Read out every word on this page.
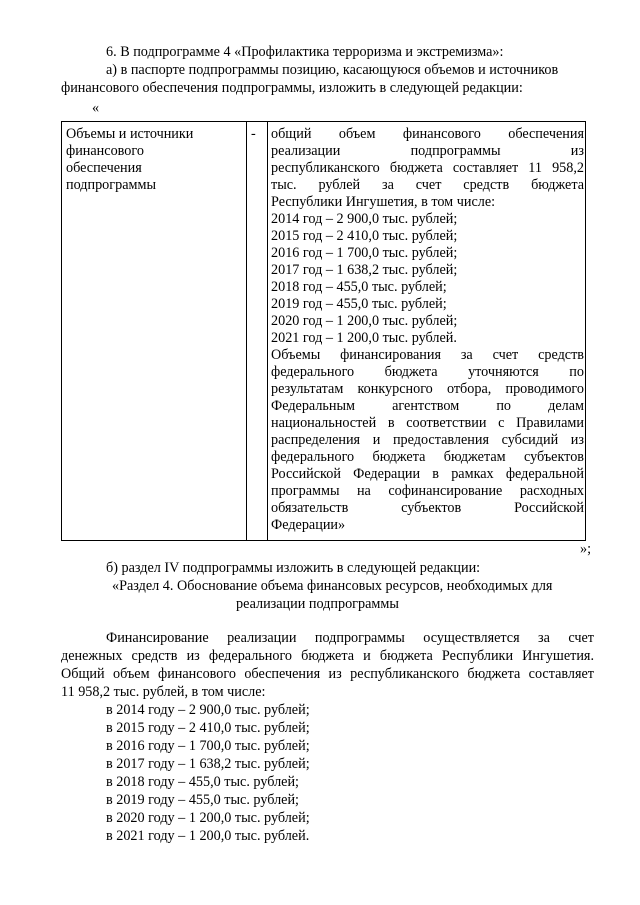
6. В подпрограмме 4 «Профилактика терроризма и экстремизма»:
а) в паспорте подпрограммы позицию, касающуюся объемов и источников
финансового обеспечения подпрограммы, изложить в следующей редакции:
«
Объемы и источники
финансового
обеспечения
подпрограммы
- общий объем финансового обеспечения
реализации подпрограммы из
республиканского бюджета составляет 11 958,2
тыс. рублей за счет средств бюджета
Республики Ингушетия, в том числе:
2014 год – 2 900,0 тыс. рублей;
2015 год – 2 410,0 тыс. рублей;
2016 год – 1 700,0 тыс. рублей;
2017 год – 1 638,2 тыс. рублей;
2018 год – 455,0 тыс. рублей;
2019 год – 455,0 тыс. рублей;
2020 год – 1 200,0 тыс. рублей;
2021 год – 1 200,0 тыс. рублей.
Объемы финансирования за счет средств
федерального бюджета уточняются по
результатам конкурсного отбора, проводимого
Федеральным агентством по делам
национальностей в соответствии с Правилами
распределения и предоставления субсидий из
федерального бюджета бюджетам субъектов
Российской Федерации в рамках федеральной
программы на софинансирование расходных
обязательств субъектов Российской
Федерации»
»;
б) раздел IV подпрограммы изложить в следующей редакции:
«Раздел 4. Обоснование объема финансовых ресурсов, необходимых для
реализации подпрограммы
Финансирование реализации подпрограммы осуществляется за счет
денежных средств из федерального бюджета и бюджета Республики Ингушетия.
Общий объем финансового обеспечения из республиканского бюджета составляет
11 958,2 тыс. рублей, в том числе:
в 2014 году – 2 900,0 тыс. рублей;
в 2015 году – 2 410,0 тыс. рублей;
в 2016 году – 1 700,0 тыс. рублей;
в 2017 году – 1 638,2 тыс. рублей;
в 2018 году – 455,0 тыс. рублей;
в 2019 году – 455,0 тыс. рублей;
в 2020 году – 1 200,0 тыс. рублей;
в 2021 году – 1 200,0 тыс. рублей.
